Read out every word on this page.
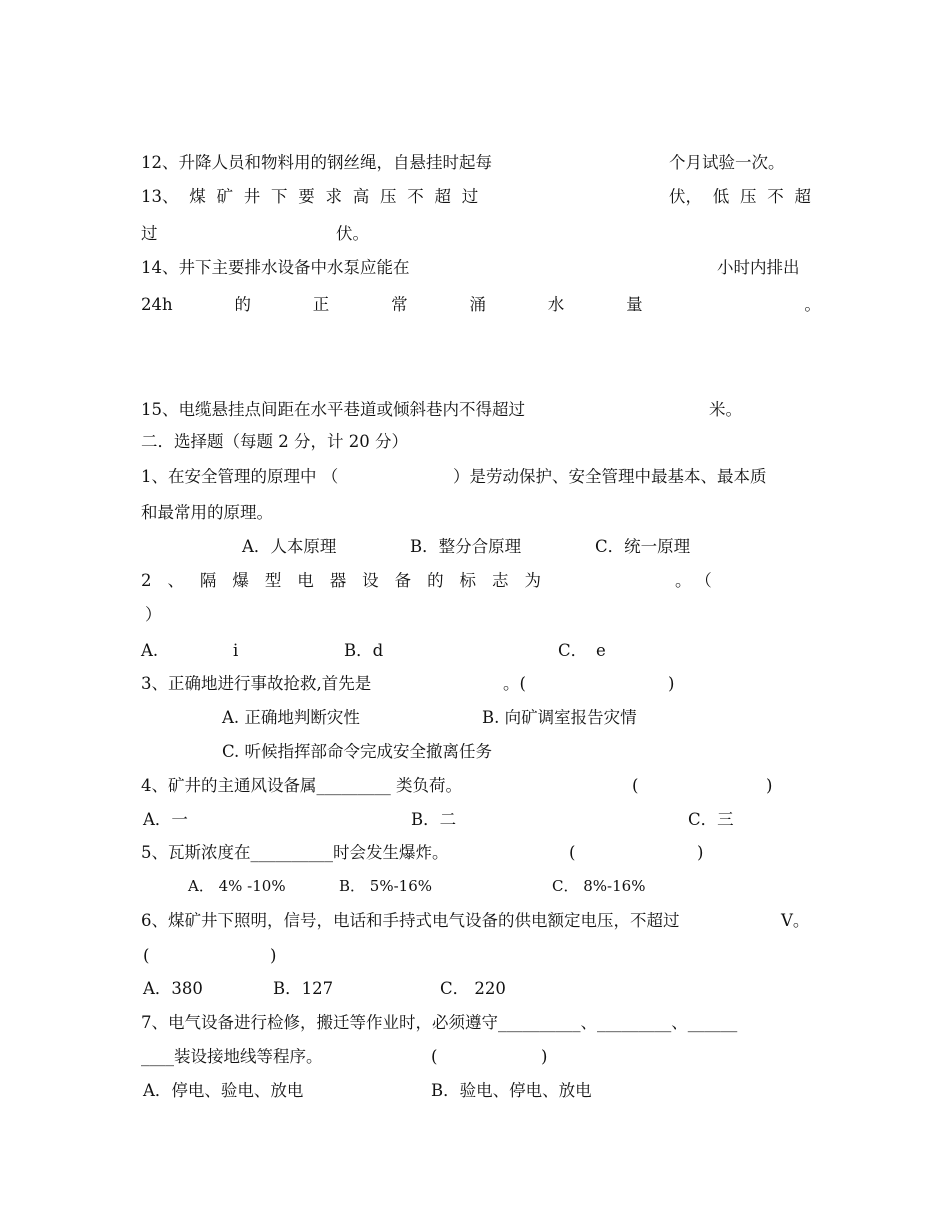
12、升降人员和物料用的钢丝绳，自悬挂时起每	个月试验一次。
13、 煤 矿 井 下 要 求 高 压 不 超 过	伏， 低 压 不 超
过	伏。
14、井下主要排水设备中水泵应能在	小时内排出
24h	的	正	常	涌	水	量	。
15、电缆悬挂点间距在水平巷道或倾斜巷内不得超过	米。
二．选择题（每题 2 分，计 20 分）
1、在安全管理的原理中 （	）是劳动保护、安全管理中最基本、最本质
和最常用的原理。
A．人本原理	B．整分合原理	C．统一原理
2 、 隔 爆 型 电 器 设 备 的 标 志 为	。（
）
A.	i	B．d	C． e
3、正确地进行事故抢救,首先是	。(	)
A. 正确地判断灾性	B. 向矿调室报告灾情
C. 听候指挥部命令完成安全撤离任务
4、矿井的主通风设备属_________ 类负荷。	(	)
A．一	B．二	C．三
5、瓦斯浓度在__________时会发生爆炸。	(	)
A． 4% -10%	B． 5%-16%	C． 8%-16%
6、煤矿井下照明，信号，电话和手持式电气设备的供电额定电压，不超过	V。
(	)
A．380	B．127	C． 220
7、电气设备进行检修，搬迁等作业时，必须遵守__________、_________、______
____装设接地线等程序。	(	)
A．停电、验电、放电	B．验电、停电、放电
